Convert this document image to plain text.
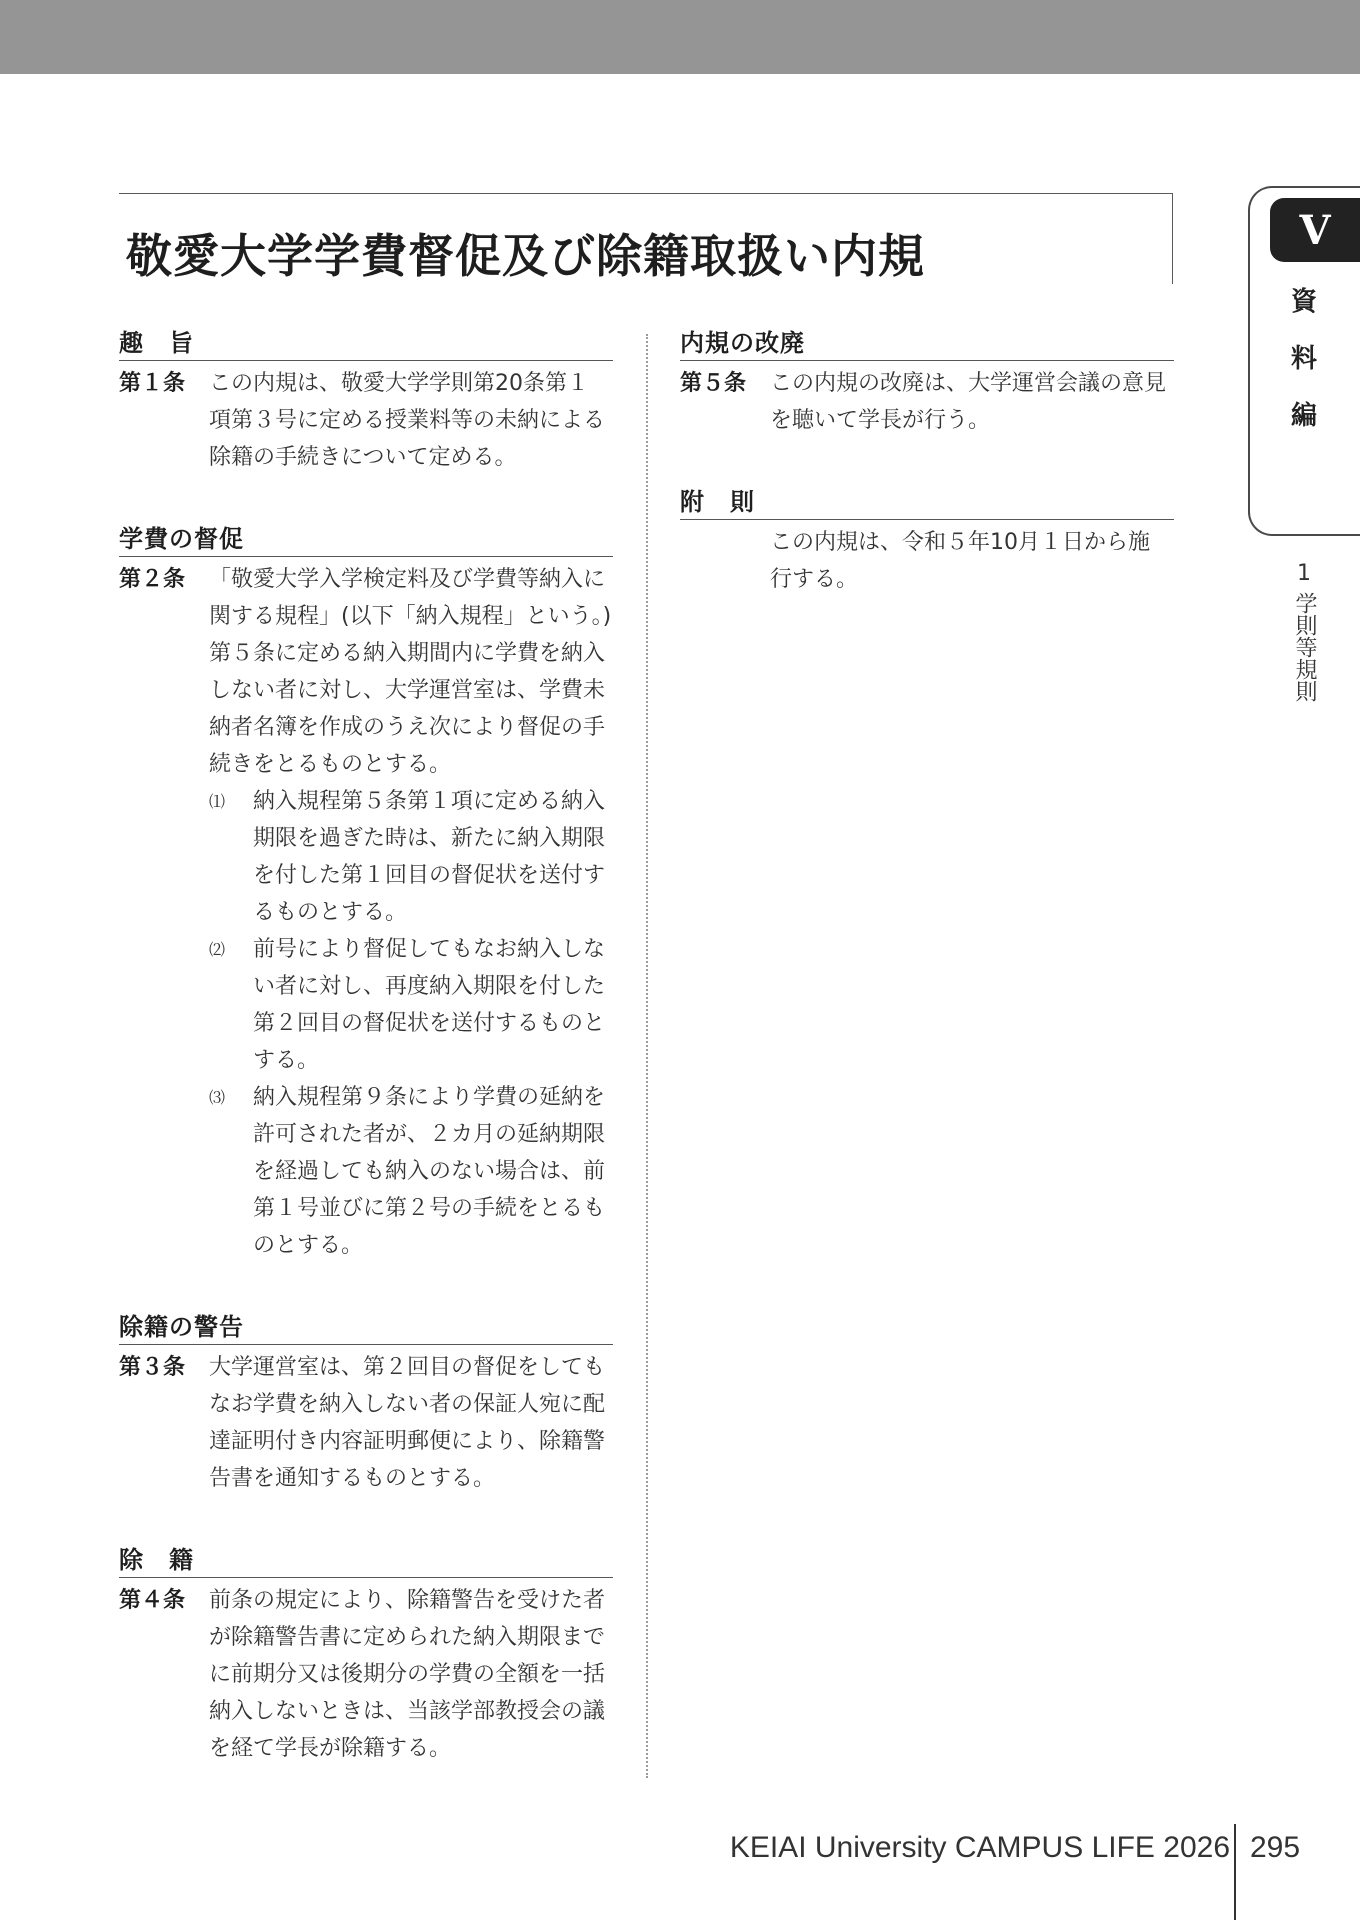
敬愛大学学費督促及び除籍取扱い内規
趣　旨
第１条	この内規は、敬愛大学学則第20条第１

項第３号に定める授業料等の未納による

除籍の手続きについて定める。

学費の督促
第２条	「敬愛大学入学検定料及び学費等納入に

関する規程」(以下「納入規程」という。)

第５条に定める納入期間内に学費を納入

しない者に対し、大学運営室は、学費未

納者名簿を作成のうえ次により督促の手

続きをとるものとする。

⑴	納入規程第５条第１項に定める納入

期限を過ぎた時は、新たに納入期限

を付した第１回目の督促状を送付す

るものとする。

⑵	前号により督促してもなお納入しな

い者に対し、再度納入期限を付した

第２回目の督促状を送付するものと

する。

⑶	納入規程第９条により学費の延納を

許可された者が、２カ月の延納期限

を経過しても納入のない場合は、前

第１号並びに第２号の手続をとるも

のとする。

除籍の警告
第３条	大学運営室は、第２回目の督促をしても

なお学費を納入しない者の保証人宛に配

達証明付き内容証明郵便により、除籍警

告書を通知するものとする。

除　籍
第４条	前条の規定により、除籍警告を受けた者

が除籍警告書に定められた納入期限まで

に前期分又は後期分の学費の全額を一括

納入しないときは、当該学部教授会の議

を経て学長が除籍する。

内規の改廃
第５条	この内規の改廃は、大学運営会議の意見

を聴いて学長が行う。

附　則

この内規は、令和５年10月１日から施

行する。

V
資
料
編
1
学則等規則
KEIAI University CAMPUS LIFE 2026 295
